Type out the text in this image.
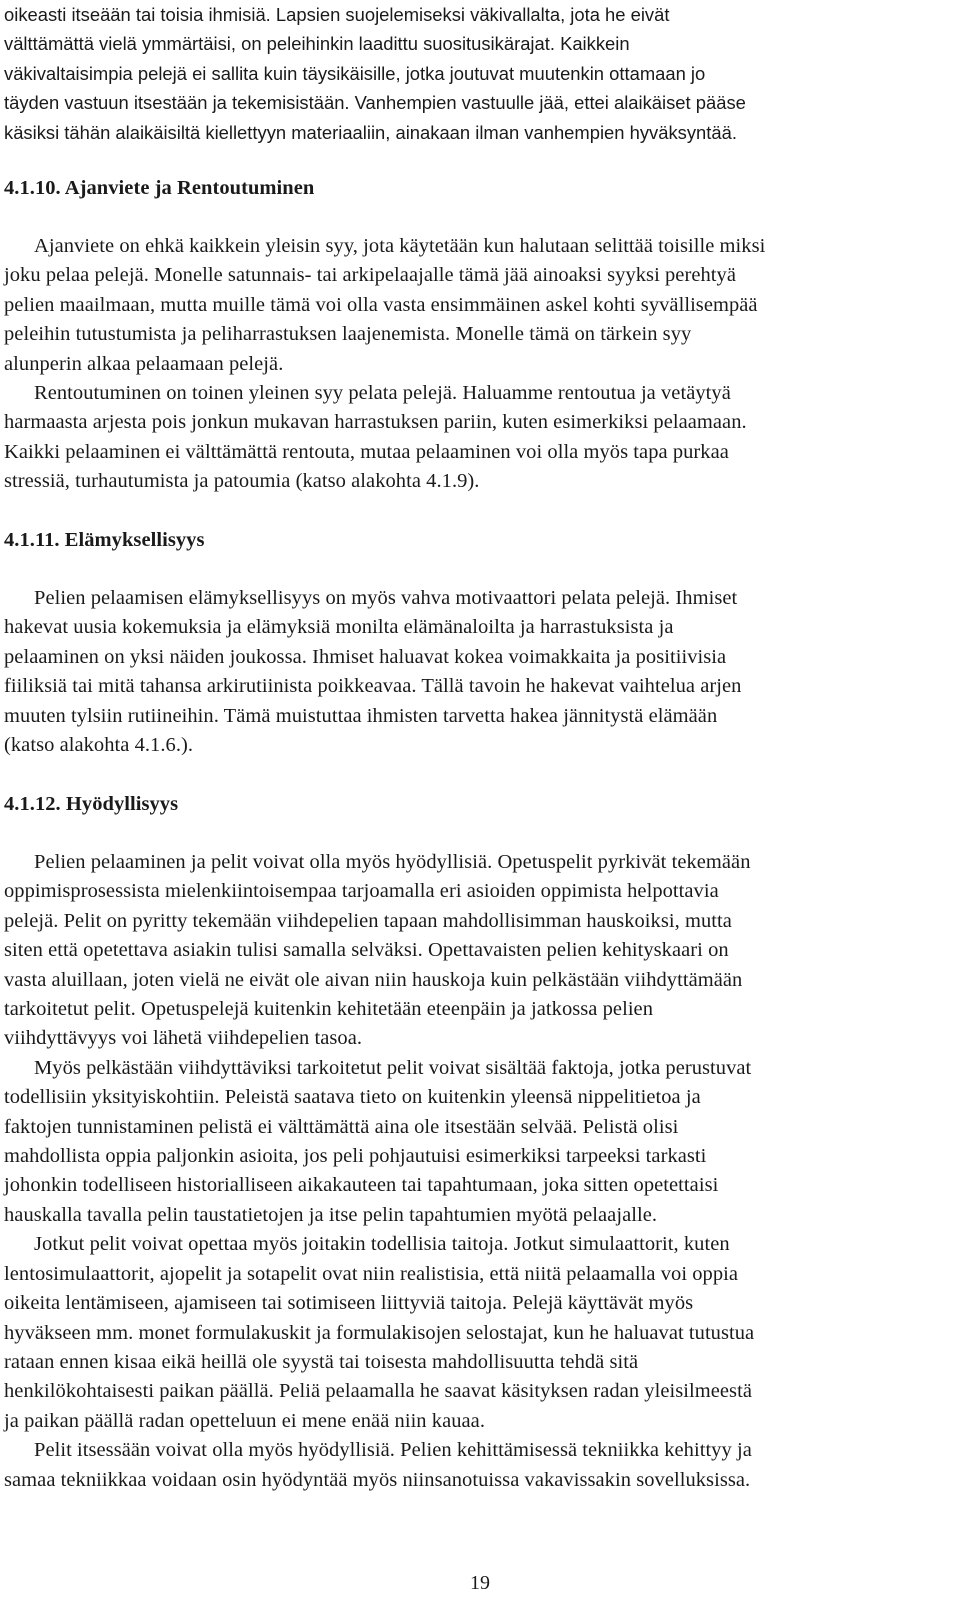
oikeasti itseään tai toisia ihmisiä. Lapsien suojelemiseksi väkivallalta, jota he eivät
välttämättä vielä ymmärtäisi, on peleihinkin laadittu suositusikärajat. Kaikkein
väkivaltaisimpia pelejä ei sallita kuin täysikäisille, jotka joutuvat muutenkin ottamaan jo
täyden vastuun itsestään ja tekemisistään. Vanhempien vastuulle jää, ettei alaikäiset pääse
käsiksi tähän alaikäisiltä kiellettyyn materiaaliin, ainakaan ilman vanhempien hyväksyntää.
4.1.10. Ajanviete ja Rentoutuminen
Ajanviete on ehkä kaikkein yleisin syy, jota käytetään kun halutaan selittää toisille miksi
joku pelaa pelejä. Monelle satunnais- tai arkipelaajalle tämä jää ainoaksi syyksi perehtyä
pelien maailmaan, mutta muille tämä voi olla vasta ensimmäinen askel kohti syvällisempää
peleihin tutustumista ja peliharrastuksen laajenemista. Monelle tämä on tärkein syy
alunperin alkaa pelaamaan pelejä.
Rentoutuminen on toinen yleinen syy pelata pelejä. Haluamme rentoutua ja vetäytyä
harmaasta arjesta pois jonkun mukavan harrastuksen pariin, kuten esimerkiksi pelaamaan.
Kaikki pelaaminen ei välttämättä rentouta, mutaa pelaaminen voi olla myös tapa purkaa
stressiä, turhautumista ja patoumia (katso alakohta 4.1.9).
4.1.11. Elämyksellisyys
Pelien pelaamisen elämyksellisyys on myös vahva motivaattori pelata pelejä. Ihmiset
hakevat uusia kokemuksia ja elämyksiä monilta elämänaloilta ja harrastuksista ja
pelaaminen on yksi näiden joukossa. Ihmiset haluavat kokea voimakkaita ja positiivisia
fiiliksiä tai mitä tahansa arkirutiinista poikkeavaa. Tällä tavoin he hakevat vaihtelua arjen
muuten tylsiin rutiineihin. Tämä muistuttaa ihmisten tarvetta hakea jännitystä elämään
(katso alakohta 4.1.6.).
4.1.12. Hyödyllisyys
Pelien pelaaminen ja pelit voivat olla myös hyödyllisiä. Opetuspelit pyrkivät tekemään
oppimisprosessista mielenkiintoisempaa tarjoamalla eri asioiden oppimista helpottavia
pelejä. Pelit on pyritty tekemään viihdepelien tapaan mahdollisimman hauskoiksi, mutta
siten että opetettava asiakin tulisi samalla selväksi. Opettavaisten pelien kehityskaari on
vasta aluillaan, joten vielä ne eivät ole aivan niin hauskoja kuin pelkästään viihdyttämään
tarkoitetut pelit. Opetuspelejä kuitenkin kehitetään eteenpäin ja jatkossa pelien
viihdyttävyys voi lähetä viihdepelien tasoa.
Myös pelkästään viihdyttäviksi tarkoitetut pelit voivat sisältää faktoja, jotka perustuvat
todellisiin yksityiskohtiin. Peleistä saatava tieto on kuitenkin yleensä nippelitietoa ja
faktojen tunnistaminen pelistä ei välttämättä aina ole itsestään selvää. Pelistä olisi
mahdollista oppia paljonkin asioita, jos peli pohjautuisi esimerkiksi tarpeeksi tarkasti
johonkin todelliseen historialliseen aikakauteen tai tapahtumaan, joka sitten opetettaisi
hauskalla tavalla pelin taustatietojen ja itse pelin tapahtumien myötä pelaajalle.
Jotkut pelit voivat opettaa myös joitakin todellisia taitoja. Jotkut simulaattorit, kuten
lentosimulaattorit, ajopelit ja sotapelit ovat niin realistisia, että niitä pelaamalla voi oppia
oikeita lentämiseen, ajamiseen tai sotimiseen liittyviä taitoja. Pelejä käyttävät myös
hyväkseen mm. monet formulakuskit ja formulakisojen selostajat, kun he haluavat tutustua
rataan ennen kisaa eikä heillä ole syystä tai toisesta mahdollisuutta tehdä sitä
henkilökohtaisesti paikan päällä. Peliä pelaamalla he saavat käsityksen radan yleisilmeestä
ja paikan päällä radan opetteluun ei mene enää niin kauaa.
Pelit itsessään voivat olla myös hyödyllisiä. Pelien kehittämisessä tekniikka kehittyy ja
samaa tekniikkaa voidaan osin hyödyntää myös niinsanotuissa vakavissakin sovelluksissa.
19
